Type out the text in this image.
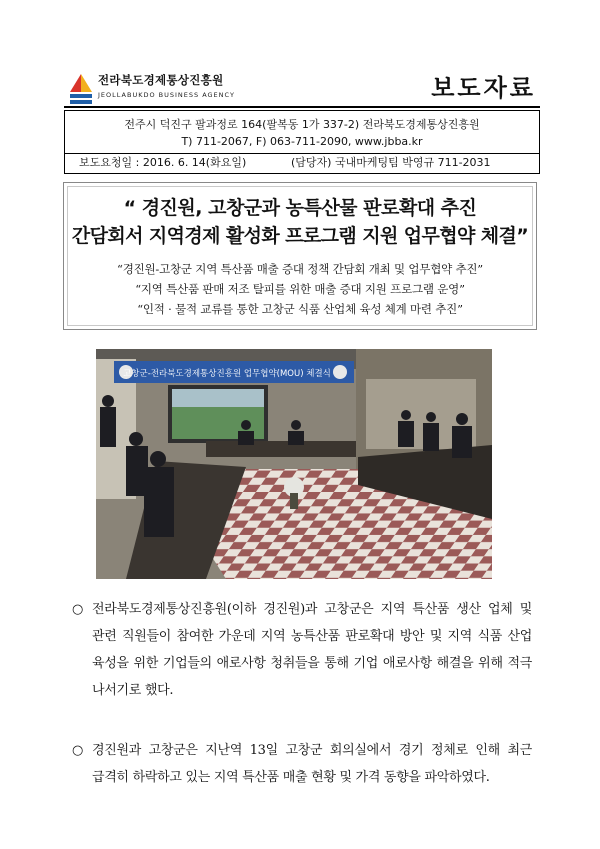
전라북도경제통상진흥원
JEOLLABUKDO BUSINESS AGENCY	보도자료
전주시 덕진구 팔과정로 164(팔복동 1가 337-2) 전라북도경제통상진흥원
T) 711-2067, F) 063-711-2090, www.jbba.kr
보도요청일 : 2016. 6. 14(화요일)	(담당자) 국내마케팅팀 박영규 711-2031
“ 경진원, 고창군과 농특산물 판로확대 추진
간담회서 지역경제 활성화 프로그램 지원 업무협약 체결”
“경진원-고창군 지역 특산품 매출 증대 정책 간담회 개최 및 업무협약 추진”
“지역 특산품 판매 저조 탈피를 위한 매출 증대 지원 프로그램 운영”
“인적 · 물적 교류를 통한 고창군 식품 산업체 육성 체계 마련 추진”
고창군-전라북도경제통상진흥원 업무협약(MOU) 체결식
○ 전라북도경제통상진흥원(이하 경진원)과 고창군은 지역 특산품 생산 업체 및 관련 직원들이 참여한 가운데 지역 농특산품 판로확대 방안 및 지역 식품 산업 육성을 위한 기업들의 애로사항 청취들을 통해 기업 애로사항 해결을 위해 적극 나서기로 했다.
○ 경진원과 고창군은 지난역 13일 고창군 회의실에서 경기 정체로 인해 최근 급격히 하락하고 있는 지역 특산품 매출 현황 및 가격 동향을 파악하였다.
